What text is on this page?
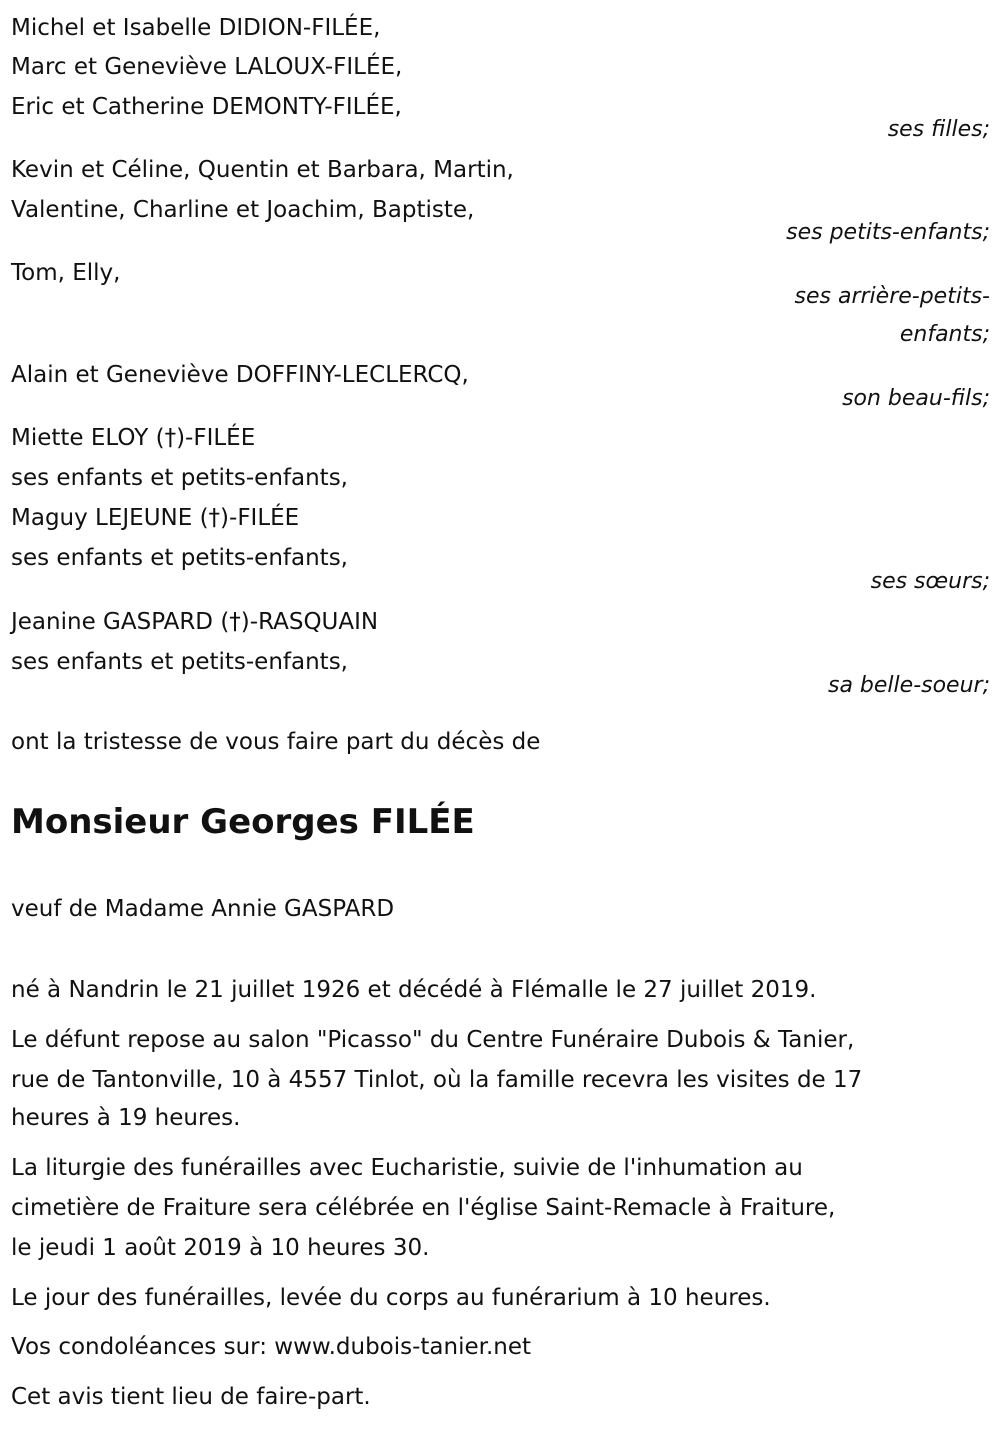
Michel et Isabelle DIDION-FILÉE,
Marc et Geneviève LALOUX-FILÉE,
Eric et Catherine DEMONTY-FILÉE,
ses filles;
Kevin et Céline, Quentin et Barbara, Martin,
Valentine, Charline et Joachim, Baptiste,
ses petits-enfants;
Tom, Elly,
ses arrière-petits-
enfants;
Alain et Geneviève DOFFINY-LECLERCQ,
son beau-fils;
Miette ELOY (†)-FILÉE
ses enfants et petits-enfants,
Maguy LEJEUNE (†)-FILÉE
ses enfants et petits-enfants,
ses sœurs;
Jeanine GASPARD (†)-RASQUAIN
ses enfants et petits-enfants,
sa belle-soeur;
ont la tristesse de vous faire part du décès de
Monsieur Georges FILÉE
veuf de Madame Annie GASPARD
né à Nandrin le 21 juillet 1926 et décédé à Flémalle le 27 juillet 2019.
Le défunt repose au salon "Picasso" du Centre Funéraire Dubois & Tanier,
rue de Tantonville, 10 à 4557 Tinlot, où la famille recevra les visites de 17
heures à 19 heures.
La liturgie des funérailles avec Eucharistie, suivie de l'inhumation au
cimetière de Fraiture sera célébrée en l'église Saint-Remacle à Fraiture,
le jeudi 1 août 2019 à 10 heures 30.
Le jour des funérailles, levée du corps au funérarium à 10 heures.
Vos condoléances sur: www.dubois-tanier.net
Cet avis tient lieu de faire-part.
